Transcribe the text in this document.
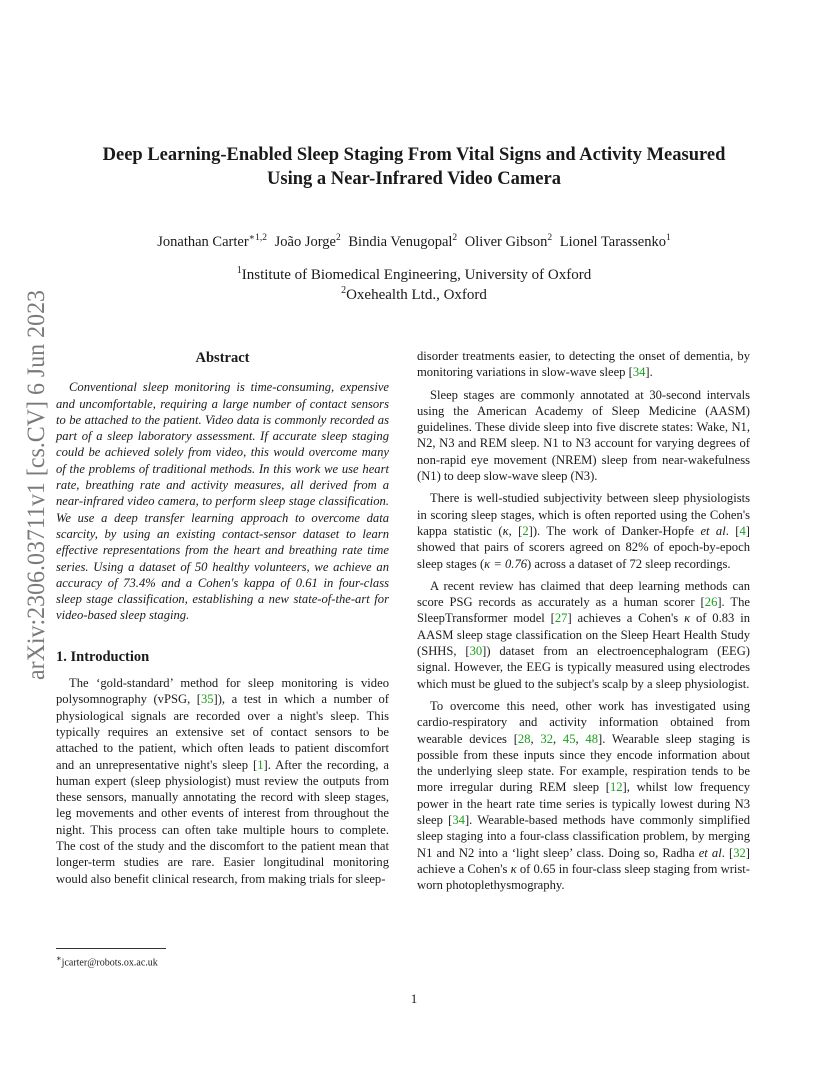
arXiv:2306.03711v1 [cs.CV] 6 Jun 2023
Deep Learning-Enabled Sleep Staging From Vital Signs and Activity Measured
Using a Near-Infrared Video Camera
Jonathan Carter$^{∗1,2}$ João Jorge$^2$ Bindia Venugopal$^2$ Oliver Gibson$^2$ Lionel Tarassenko$^1$
$^1$Institute of Biomedical Engineering, University of Oxford
$^2$Oxehealth Ltd., Oxford
Abstract

Conventional sleep monitoring is time-consuming, expensive and uncomfortable, requiring a large number of contact sensors to be attached to the patient. Video data is commonly recorded as part of a sleep laboratory assessment. If accurate sleep staging could be achieved solely from video, this would overcome many of the problems of traditional methods. In this work we use heart rate, breathing rate and activity measures, all derived from a near-infrared video camera, to perform sleep stage classification. We use a deep transfer learning approach to overcome data scarcity, by using an existing contact-sensor dataset to learn effective representations from the heart and breathing rate time series. Using a dataset of 50 healthy volunteers, we achieve an accuracy of 73.4% and a Cohen's kappa of 0.61 in four-class sleep stage classification, establishing a new state-of-the-art for video-based sleep staging.

1. Introduction

The ‘gold-standard’ method for sleep monitoring is video polysomnography (vPSG, [35]), a test in which a number of physiological signals are recorded over a night's sleep. This typically requires an extensive set of contact sensors to be attached to the patient, which often leads to patient discomfort and an unrepresentative night's sleep [1]. After the recording, a human expert (sleep physiologist) must review the outputs from these sensors, manually annotating the record with sleep stages, leg movements and other events of interest from throughout the night. This process can often take multiple hours to complete. The cost of the study and the discomfort to the patient mean that longer-term studies are rare. Easier longitudinal monitoring would also benefit clinical research, from making trials for sleep-

disorder treatments easier, to detecting the onset of dementia, by monitoring variations in slow-wave sleep [34].

Sleep stages are commonly annotated at 30-second intervals using the American Academy of Sleep Medicine (AASM) guidelines. These divide sleep into five discrete states: Wake, N1, N2, N3 and REM sleep. N1 to N3 account for varying degrees of non-rapid eye movement (NREM) sleep from near-wakefulness (N1) to deep slow-wave sleep (N3).

There is well-studied subjectivity between sleep physiologists in scoring sleep stages, which is often reported using the Cohen's kappa statistic (κ, [2]). The work of Danker-Hopfe et al. [4] showed that pairs of scorers agreed on 82% of epoch-by-epoch sleep stages (κ = 0.76) across a dataset of 72 sleep recordings.

A recent review has claimed that deep learning methods can score PSG records as accurately as a human scorer [26]. The SleepTransformer model [27] achieves a Cohen's κ of 0.83 in AASM sleep stage classification on the Sleep Heart Health Study (SHHS, [30]) dataset from an electroencephalogram (EEG) signal. However, the EEG is typically measured using electrodes which must be glued to the subject's scalp by a sleep physiologist.

To overcome this need, other work has investigated using cardio-respiratory and activity information obtained from wearable devices [28, 32, 45, 48]. Wearable sleep staging is possible from these inputs since they encode information about the underlying sleep state. For example, respiration tends to be more irregular during REM sleep [12], whilst low frequency power in the heart rate time series is typically lowest during N3 sleep [34]. Wearable-based methods have commonly simplified sleep staging into a four-class classification problem, by merging N1 and N2 into a ‘light sleep’ class. Doing so, Radha et al. [32] achieve a Cohen's κ of 0.65 in four-class sleep staging from wrist-worn photoplethysmography.

∗jcarter@robots.ox.ac.uk
1
